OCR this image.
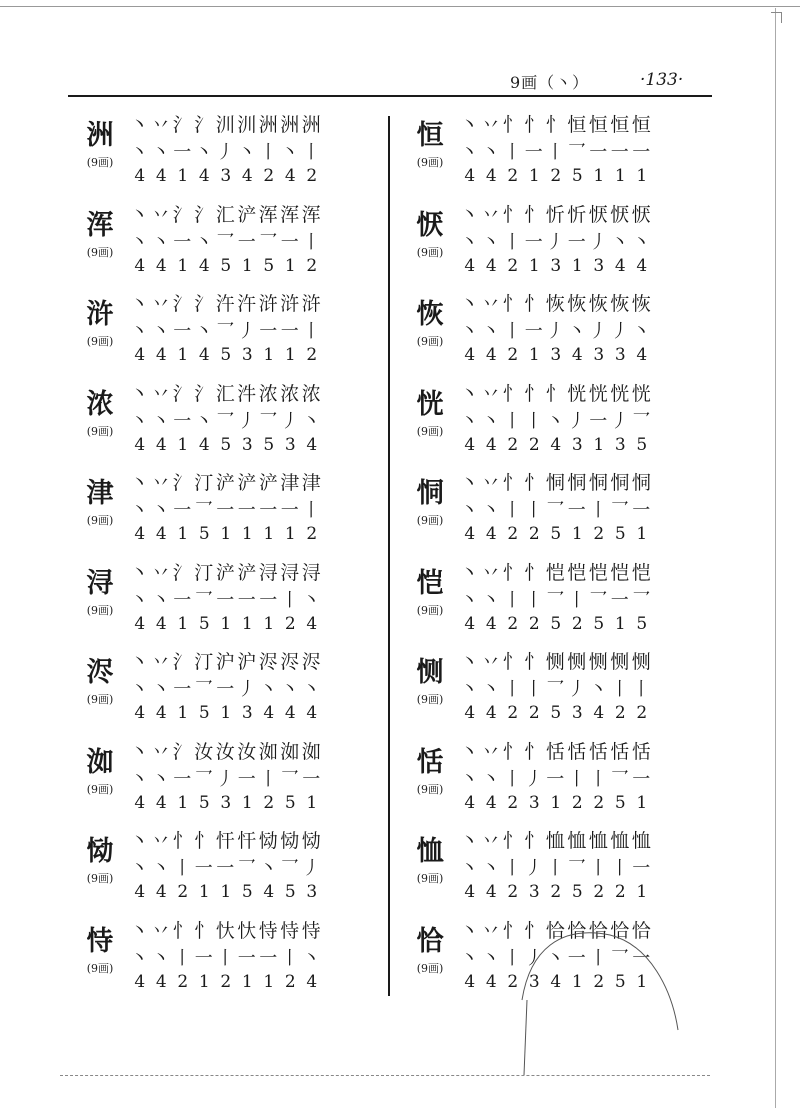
9画（丶）	·133·
洲
(9画)
丶丷氵氵汌汌洲洲洲
丶 丶 一 丶 丿 丶 丨 丶 丨
4 4 1 4 3 4 2 4 2
浑
(9画)
丶丷氵氵汇浐浑浑浑
丶 丶 一 丶 乛 一 乛 一 丨
4 4 1 4 5 1 5 1 2
浒
(9画)
丶丷氵氵汻汻浒浒浒
丶 丶 一 丶 乛 丿 一 一 丨
4 4 1 4 5 3 1 1 2
浓
(9画)
丶丷氵氵汇汼浓浓浓
丶 丶 一 丶 乛 丿 乛 丿 丶
4 4 1 4 5 3 5 3 4
津
(9画)
丶丷氵汀浐浐浐津津
丶 丶 一 乛 一 一 一 一 丨
4 4 1 5 1 1 1 1 2
浔
(9画)
丶丷氵汀浐浐浔浔浔
丶 丶 一 乛 一 一 一 丨 丶
4 4 1 5 1 1 1 2 4
浕
(9画)
丶丷氵汀沪沪浕浕浕
丶 丶 一 乛 一 丿 丶 丶 丶
4 4 1 5 1 3 4 4 4
洳
(9画)
丶丷氵汝汝汝洳洳洳
丶 丶 一 乛 丿 一 丨 乛 一
4 4 1 5 3 1 2 5 1
恸
(9画)
丶丷忄忄忓忓恸恸恸
丶 丶 丨 一 一 乛 丶 乛 丿
4 4 2 1 1 5 4 5 3
恃
(9画)
丶丷忄忄忕忕恃恃恃
丶 丶 丨 一 丨 一 一 丨 丶
4 4 2 1 2 1 1 2 4
恒
(9画)
丶丷忄忄忄恒恒恒恒
丶 丶 丨 一 丨 乛 一 一 一
4 4 2 1 2 5 1 1 1
恹
(9画)
丶丷忄忄忻忻恹恹恹
丶 丶 丨 一 丿 一 丿 丶 丶
4 4 2 1 3 1 3 4 4
恢
(9画)
丶丷忄忄恢恢恢恢恢
丶 丶 丨 一 丿 丶 丿 丿 丶
4 4 2 1 3 4 3 3 4
恍
(9画)
丶丷忄忄忄恍恍恍恍
丶 丶 丨 丨 丶 丿 一 丿 乛
4 4 2 2 4 3 1 3 5
恫
(9画)
丶丷忄忄恫恫恫恫恫
丶 丶 丨 丨 乛 一 丨 乛 一
4 4 2 2 5 1 2 5 1
恺
(9画)
丶丷忄忄恺恺恺恺恺
丶 丶 丨 丨 乛 丨 乛 一 乛
4 4 2 2 5 2 5 1 5
恻
(9画)
丶丷忄忄恻恻恻恻恻
丶 丶 丨 丨 乛 丿 丶 丨 丨
4 4 2 2 5 3 4 2 2
恬
(9画)
丶丷忄忄恬恬恬恬恬
丶 丶 丨 丿 一 丨 丨 乛 一
4 4 2 3 1 2 2 5 1
恤
(9画)
丶丷忄忄恤恤恤恤恤
丶 丶 丨 丿 丨 乛 丨 丨 一
4 4 2 3 2 5 2 2 1
恰
(9画)
丶丷忄忄恰恰恰恰恰
丶 丶 丨 丿 丶 一 丨 乛 一
4 4 2 3 4 1 2 5 1
